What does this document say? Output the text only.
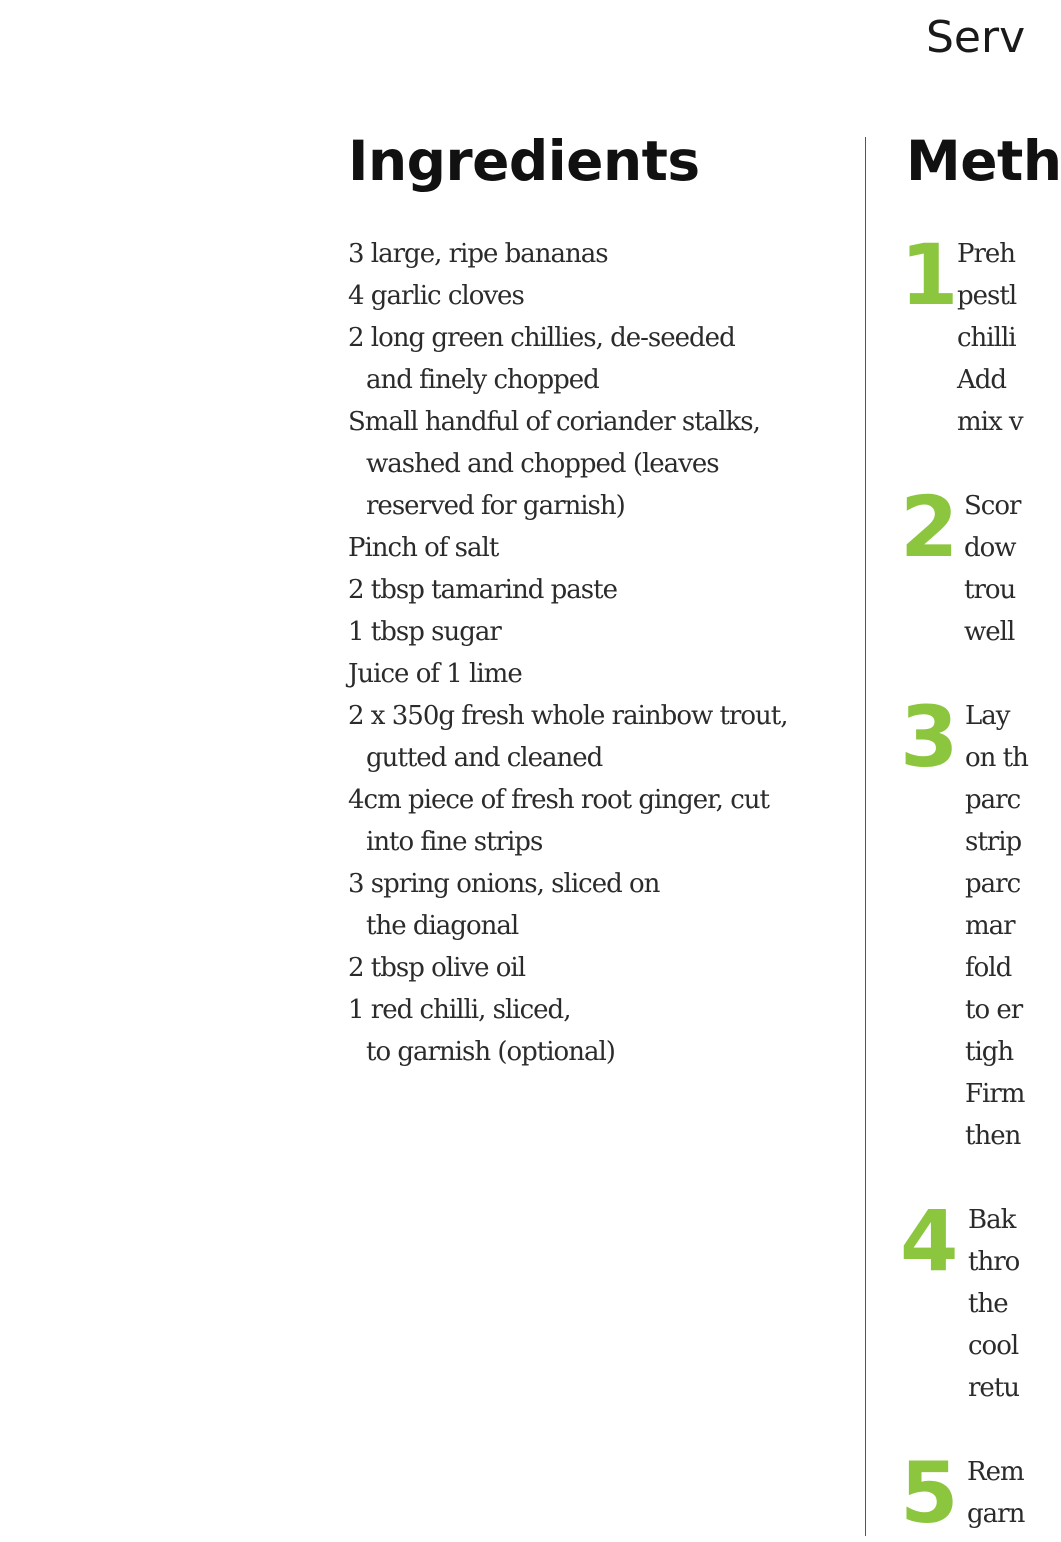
Serv
Ingredients	Meth
3 large, ripe bananas
4 garlic cloves
2 long green chillies, de-seeded
and finely chopped
Small handful of coriander stalks,
washed and chopped (leaves
reserved for garnish)
Pinch of salt
2 tbsp tamarind paste
1 tbsp sugar
Juice of 1 lime
2 x 350g fresh whole rainbow trout,
gutted and cleaned
4cm piece of fresh root ginger, cut
into fine strips
3 spring onions, sliced on
the diagonal
2 tbsp olive oil
1 red chilli, sliced,
to garnish (optional)
1
Preh
pestl
chilli
Add
mix v
2 Scor
dow
trou
well
3 Lay
on th
parc
strip
parc
mar
fold
to er
tigh
Firm
then
4 Bak
thro
the
cool
retu
5 Rem
garn
